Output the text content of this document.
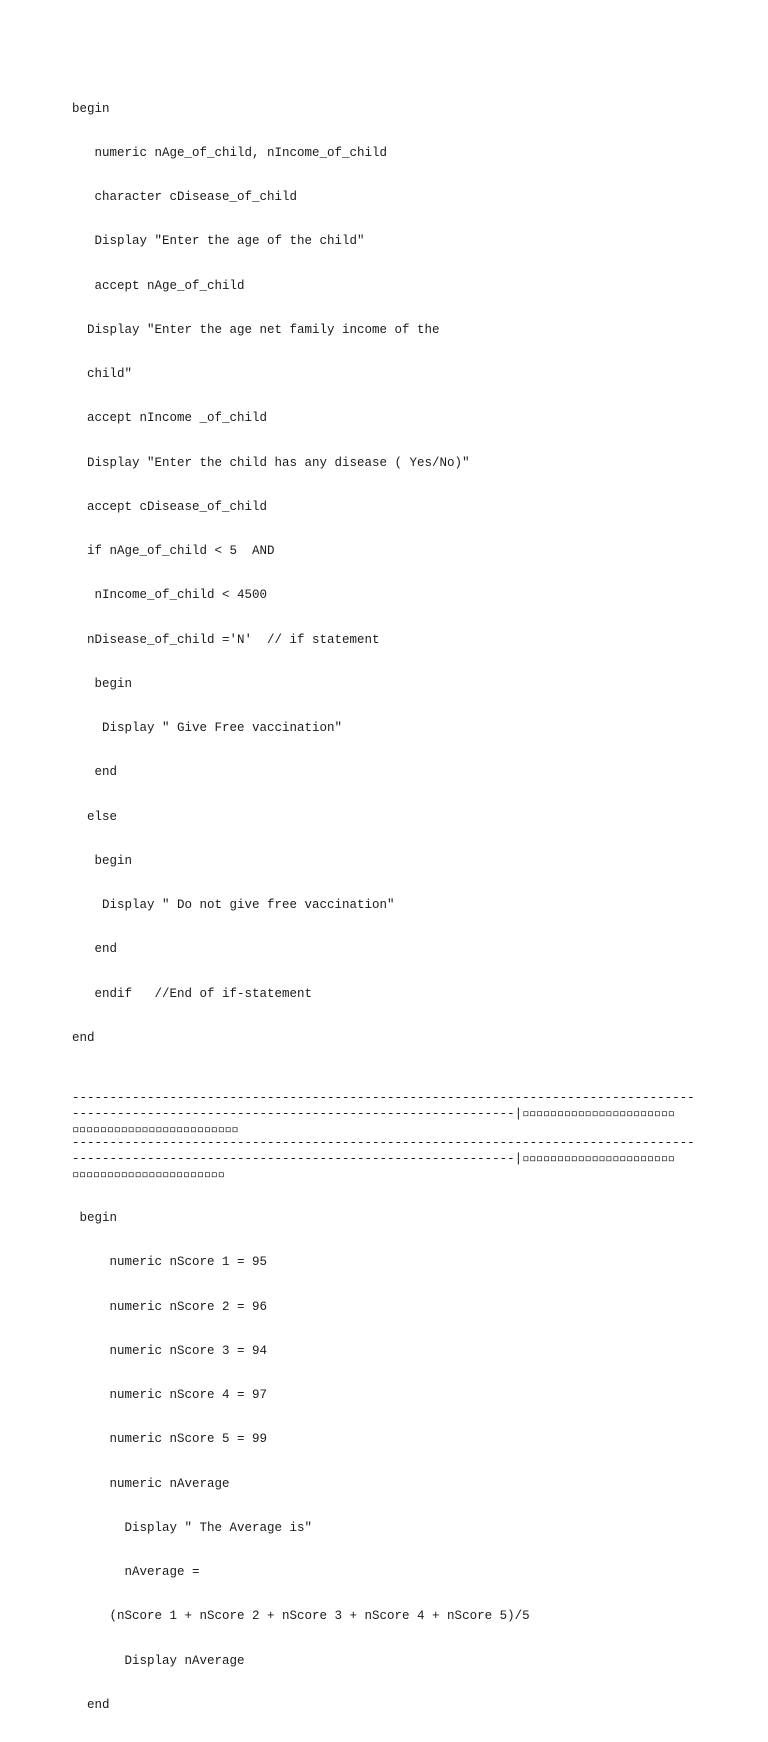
begin

numeric nAge_of_child, nIncome_of_child

character cDisease_of_child

Display "Enter the age of the child"

accept nAge_of_child

Display "Enter the age net family income of the

child"

accept nIncome _of_child

Display "Enter the child has any disease ( Yes/No)"

accept cDisease_of_child

if nAge_of_child < 5  AND

nIncome_of_child < 4500

nDisease_of_child ='N'  // if statement

begin

Display " Give Free vaccination"

end

else

begin

Display " Do not give free vaccination"

end

endif   //End of if-statement

end

-----------------------------------------------------------------------------------
-----------------------------------------------------------|▫▫▫▫▫▫▫▫▫▫▫▫▫▫▫▫▫▫▫▫▫▫
▫▫▫▫▫▫▫▫▫▫▫▫▫▫▫▫▫▫▫▫▫▫▫▫
-----------------------------------------------------------------------------------
-----------------------------------------------------------|▫▫▫▫▫▫▫▫▫▫▫▫▫▫▫▫▫▫▫▫▫▫
▫▫▫▫▫▫▫▫▫▫▫▫▫▫▫▫▫▫▫▫▫▫

begin

numeric nScore 1 = 95

numeric nScore 2 = 96

numeric nScore 3 = 94

numeric nScore 4 = 97

numeric nScore 5 = 99

numeric nAverage

Display " The Average is"

nAverage =

(nScore 1 + nScore 2 + nScore 3 + nScore 4 + nScore 5)/5

Display nAverage

end
